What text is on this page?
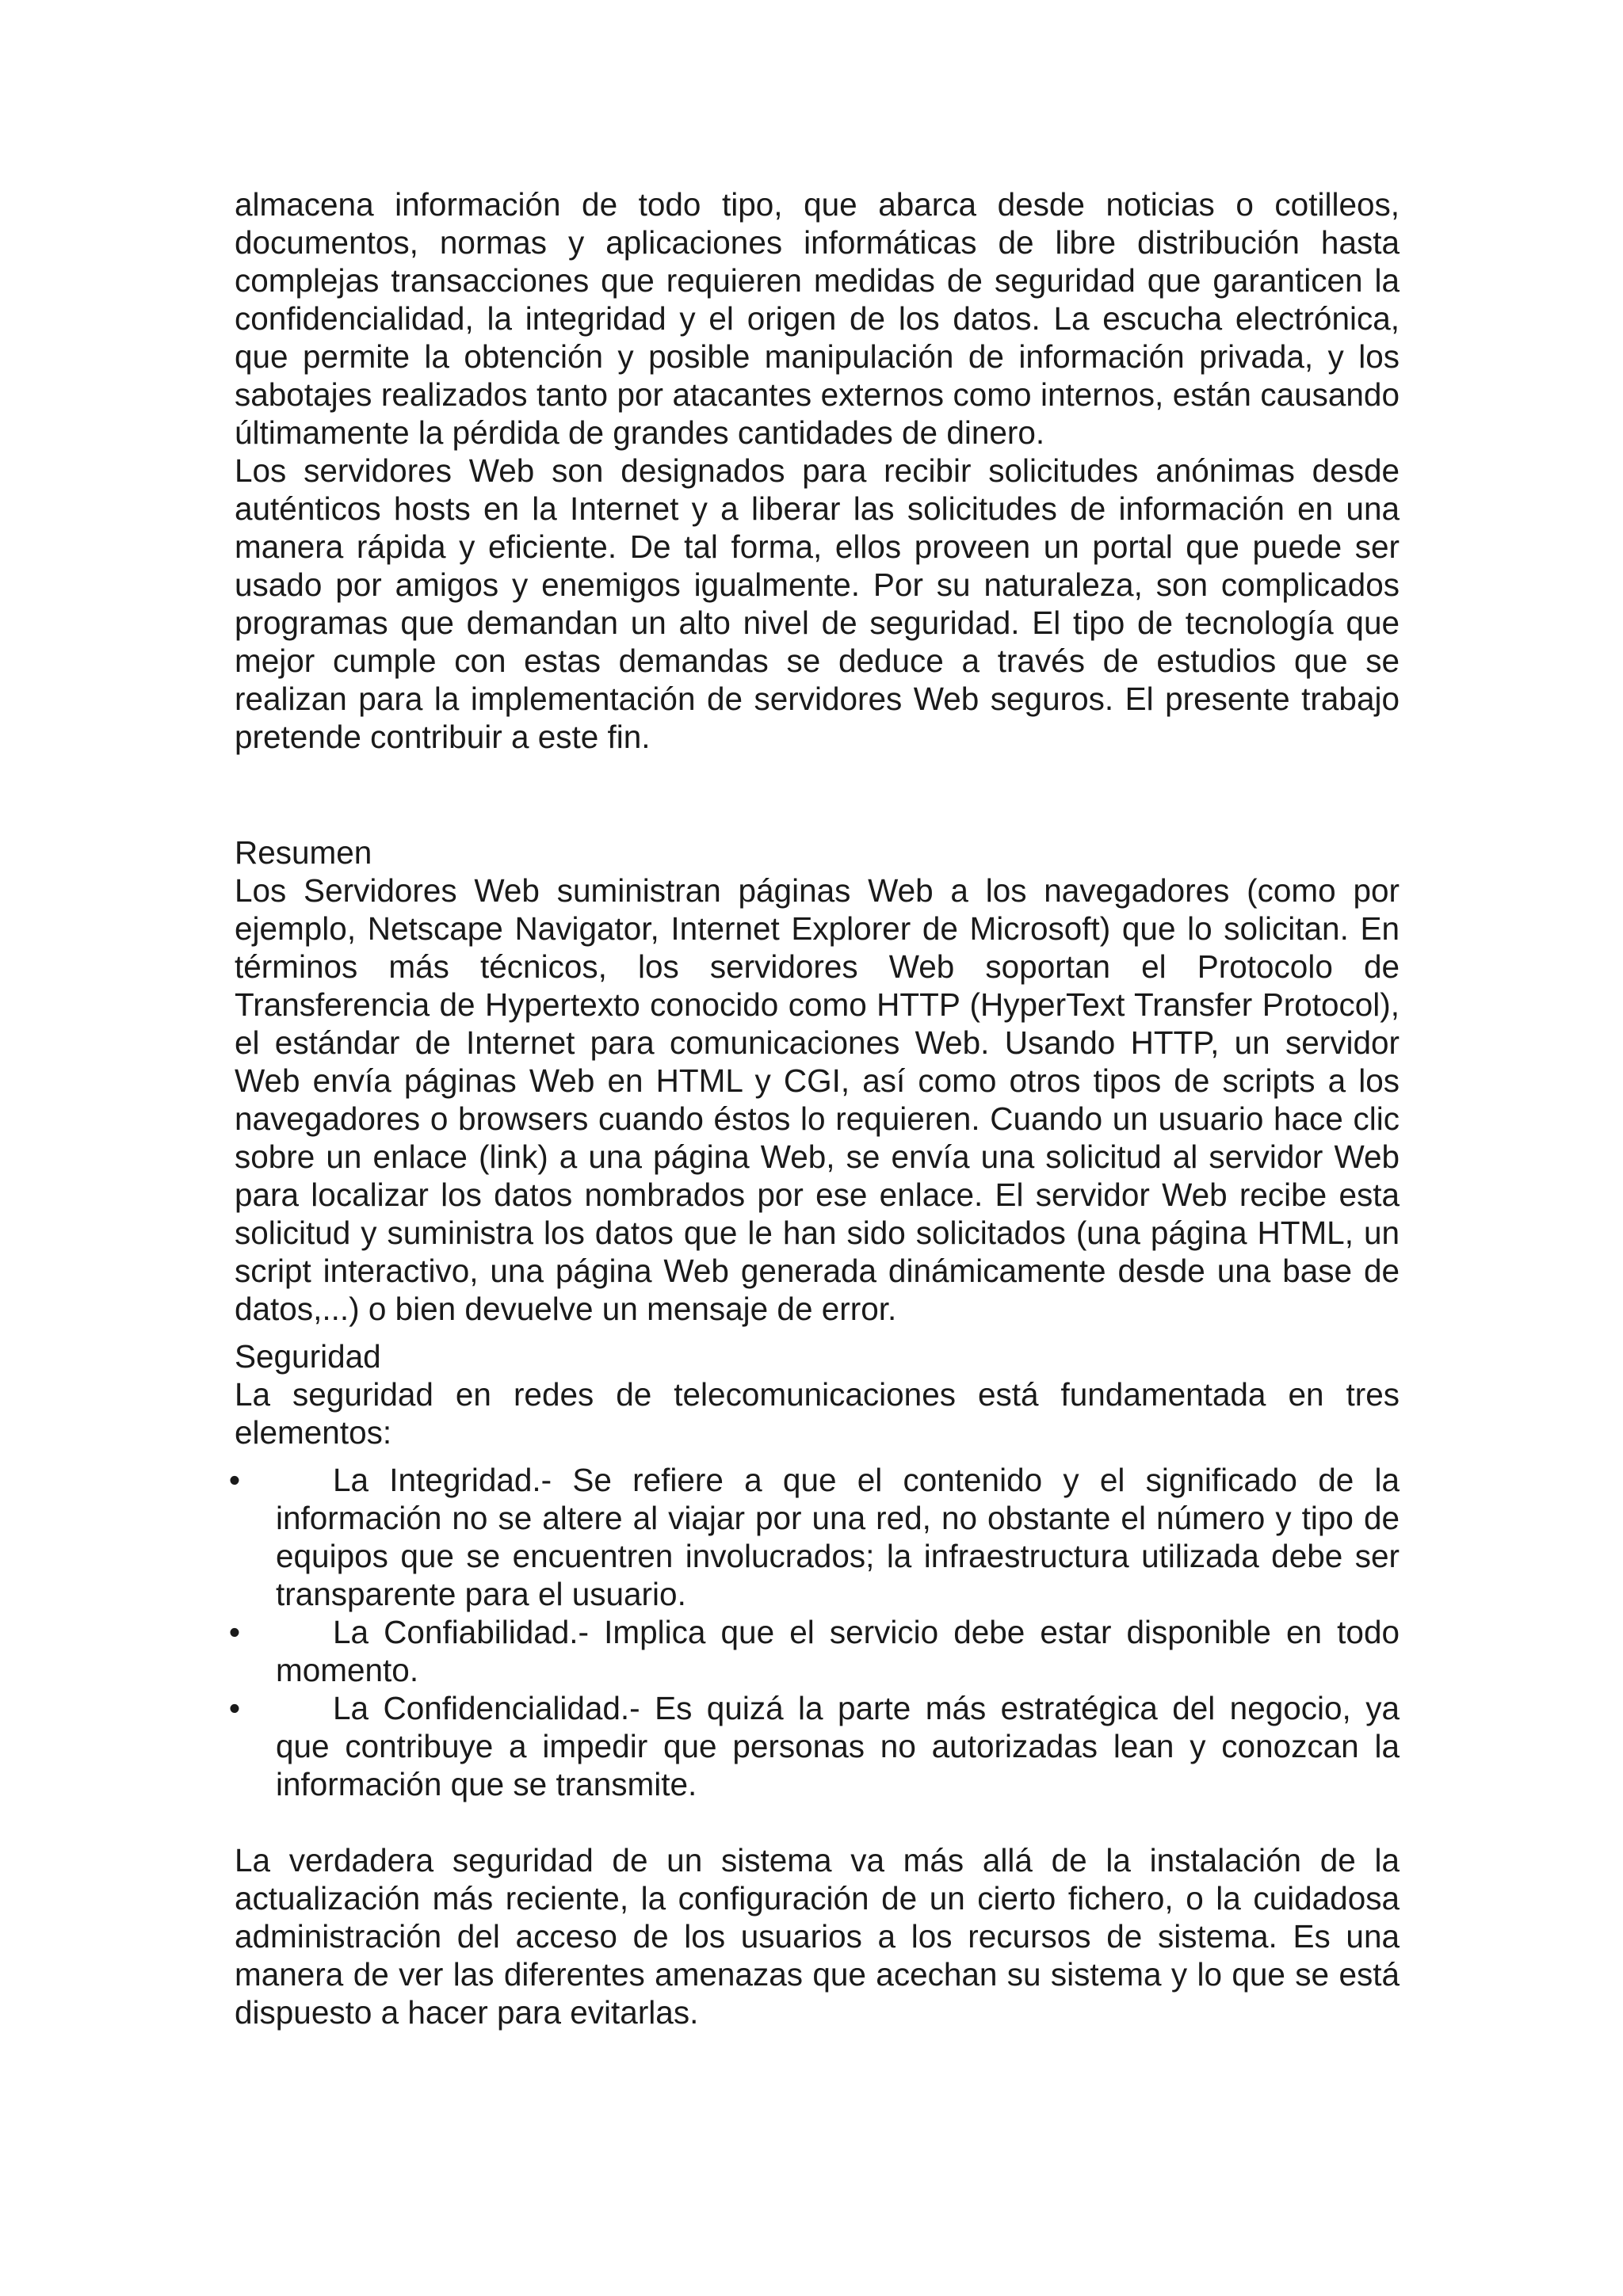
almacena información de todo tipo, que abarca desde noticias o cotilleos, documentos, normas y aplicaciones informáticas de libre distribución hasta complejas transacciones que requieren medidas de seguridad que garanticen la confidencialidad, la integridad y el origen de los datos. La escucha electrónica, que permite la obtención y posible manipulación de información privada, y los sabotajes realizados tanto por atacantes externos como internos, están causando últimamente la pérdida de grandes cantidades de dinero.

Los servidores Web son designados para recibir solicitudes anónimas desde auténticos hosts en la Internet y a liberar las solicitudes de información en una manera rápida y eficiente. De tal forma, ellos proveen un portal que puede ser usado por amigos y enemigos igualmente. Por su naturaleza, son complicados programas que demandan un alto nivel de seguridad. El tipo de tecnología que mejor cumple con estas demandas se deduce a través de estudios que se realizan para la implementación de servidores Web seguros. El presente trabajo pretende contribuir a este fin.

Resumen

Los Servidores Web suministran páginas Web a los navegadores (como por ejemplo, Netscape Navigator, Internet Explorer de Microsoft) que lo solicitan. En términos más técnicos, los servidores Web soportan el Protocolo de Transferencia de Hypertexto conocido como HTTP (HyperText Transfer Protocol), el estándar de Internet para comunicaciones Web. Usando HTTP, un servidor Web envía páginas Web en HTML y CGI, así como otros tipos de scripts a los navegadores o browsers cuando éstos lo requieren. Cuando un usuario hace clic sobre un enlace (link) a una página Web, se envía una solicitud al servidor Web para localizar los datos nombrados por ese enlace. El servidor Web recibe esta solicitud y suministra los datos que le han sido solicitados (una página HTML, un script interactivo, una página Web generada dinámicamente desde una base de datos,...) o bien devuelve un mensaje de error.

Seguridad

La seguridad en redes de telecomunicaciones está fundamentada en tres elementos:

•	La Integridad.- Se refiere a que el contenido y el significado de la información no se altere al viajar por una red, no obstante el número y tipo de equipos que se encuentren involucrados; la infraestructura utilizada debe ser transparente para el usuario.
•	La Confiabilidad.- Implica que el servicio debe estar disponible en todo momento.
•	La Confidencialidad.- Es quizá la parte más estratégica del negocio, ya que contribuye a impedir que personas no autorizadas lean y conozcan la información que se transmite.

La verdadera seguridad de un sistema va más allá de la instalación de la actualización más reciente, la configuración de un cierto fichero, o la cuidadosa administración del acceso de los usuarios a los recursos de sistema. Es una manera de ver las diferentes amenazas que acechan su sistema y lo que se está dispuesto a hacer para evitarlas.
